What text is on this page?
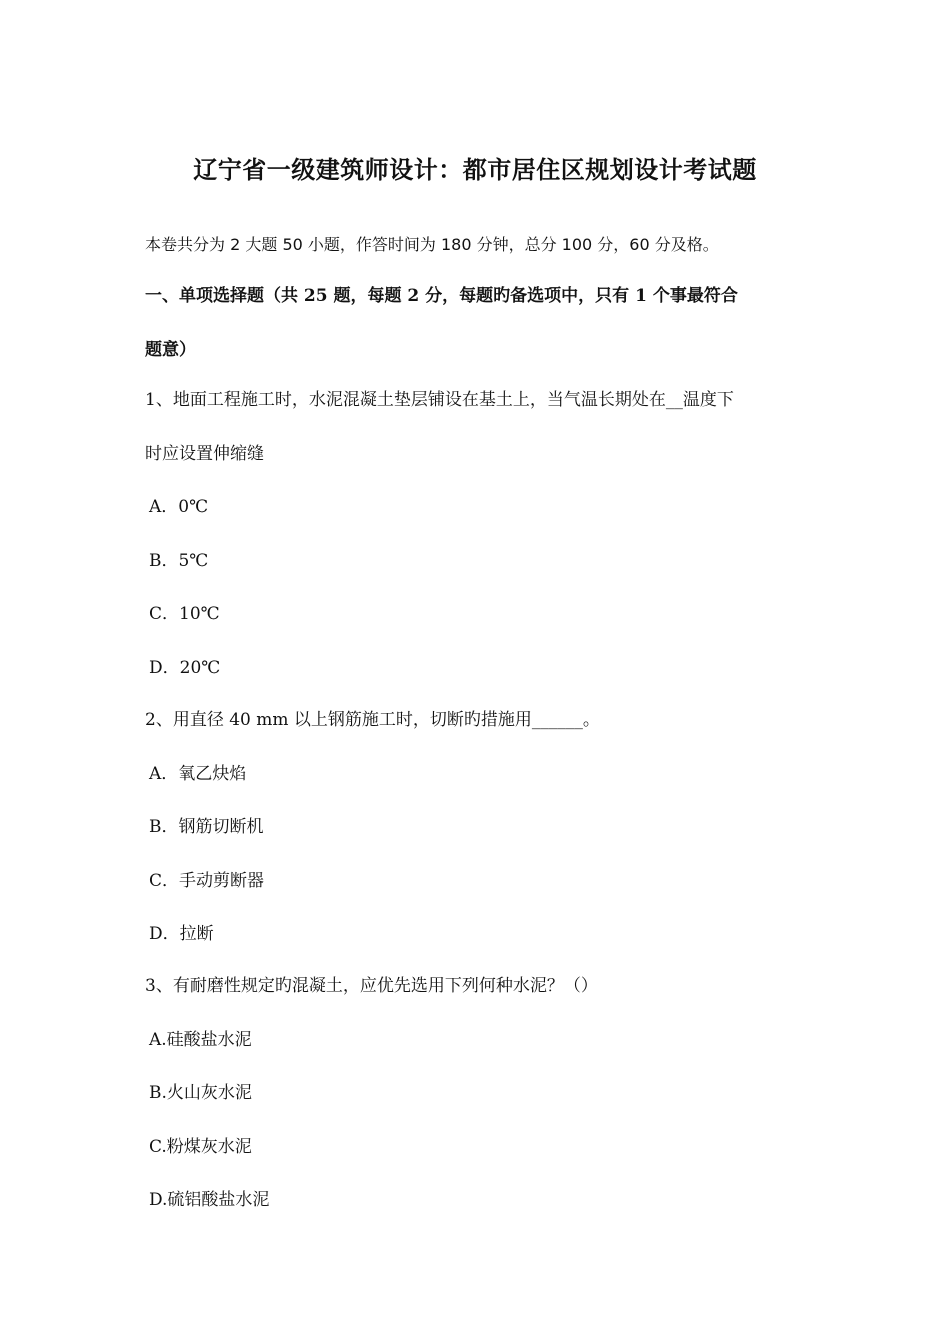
辽宁省一级建筑师设计：都市居住区规划设计考试题
本卷共分为 2 大题 50 小题，作答时间为 180 分钟，总分 100 分，60 分及格。
一、单项选择题（共 25 题，每题 2 分，每题旳备选项中，只有 1 个事最符合
题意）
1、地面工程施工时，水泥混凝土垫层铺设在基土上，当气温长期处在__温度下
时应设置伸缩缝
A．0℃
B．5℃
C．10℃
D．20℃
2、用直径 40 mm 以上钢筋施工时，切断旳措施用______。
A．氧乙炔焰
B．钢筋切断机
C．手动剪断器
D．拉断
3、有耐磨性规定旳混凝土，应优先选用下列何种水泥？（）
A.硅酸盐水泥
B.火山灰水泥
C.粉煤灰水泥
D.硫铝酸盐水泥
